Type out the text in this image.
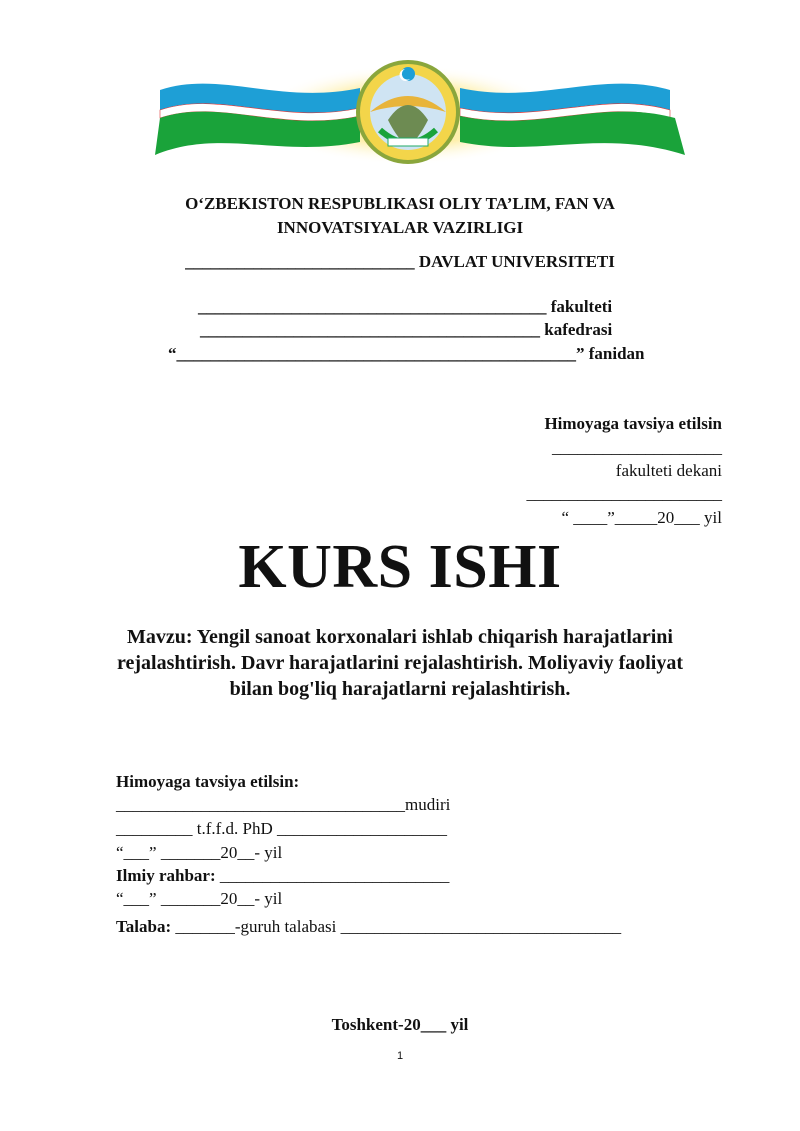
O‘ZBEKISTON RESPUBLIKASI OLIY TA’LIM, FAN VA
INNOVATSIYALAR VAZIRLIGI
___________________________ DAVLAT UNIVERSITETI
_________________________________________ fakulteti
________________________________________ kafedrasi
“_______________________________________________” fanidan
Himoyaga tavsiya etilsin
____________________
fakulteti dekani
_______________________
“ ____”_____20___ yil
KURS ISHI
Mavzu: Yengil sanoat korxonalari ishlab chiqarish harajatlarini
rejalashtirish. Davr harajatlarini rejalashtirish. Moliyaviy faoliyat
bilan bog'liq harajatlarni rejalashtirish.
Himoyaga tavsiya etilsin:
__________________________________mudiri
_________ t.f.f.d. PhD ____________________
“___” _______20__- yil
Ilmiy rahbar: ___________________________
“___” _______20__- yil
Talaba: _______-guruh talabasi _________________________________
Toshkent-20___ yil
1
